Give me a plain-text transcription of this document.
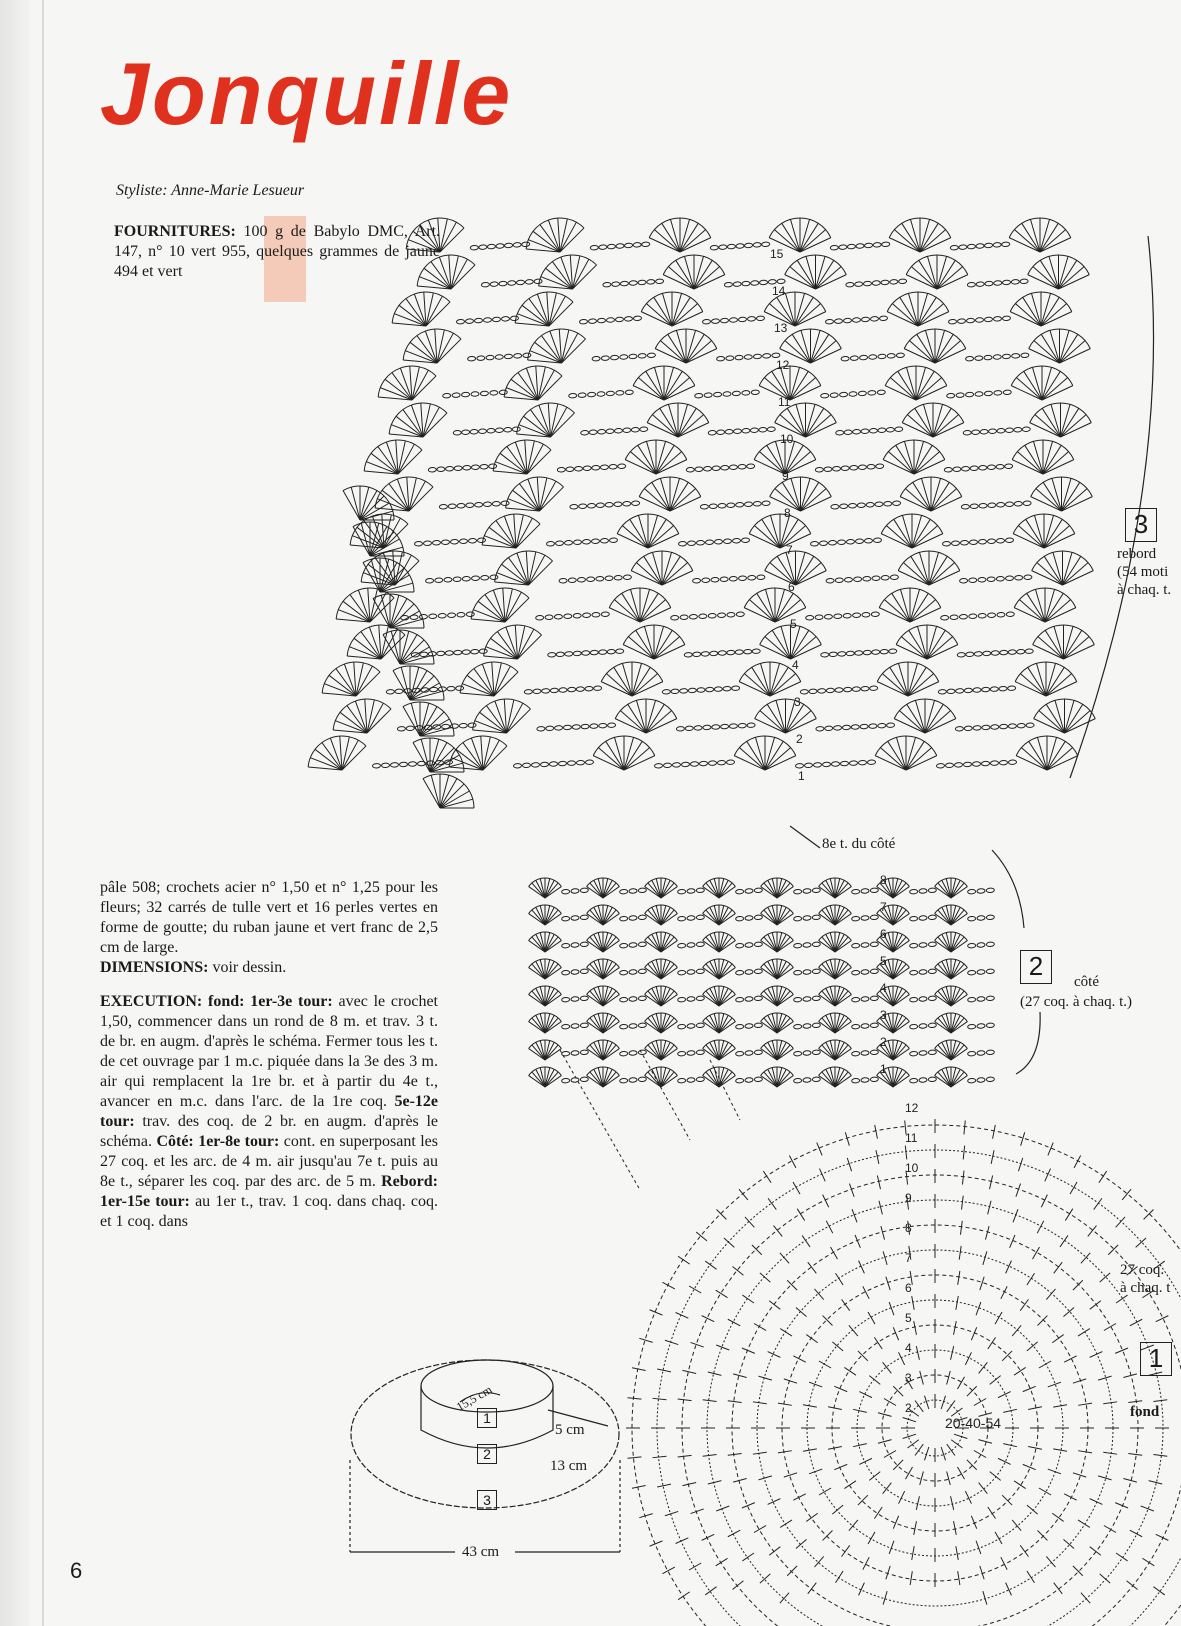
Jonquille
Styliste: Anne-Marie Lesueur
FOURNITURES: 100 g de Babylo DMC, Art. 147, n° 10 vert 955, quelques grammes de jaune 494 et vert

pâle 508; crochets acier n° 1,50 et n° 1,25 pour les fleurs; 32 carrés de tulle vert et 16 perles vertes en forme de goutte; du ruban jaune et vert franc de 2,5 cm de large.
DIMENSIONS: voir dessin.

EXECUTION: fond: 1er-3e tour: avec le crochet 1,50, commencer dans un rond de 8 m. et trav. 3 t. de br. en augm. d'après le schéma. Fermer tous les t. de cet ouvrage par 1 m.c. piquée dans la 3e des 3 m. air qui remplacent la 1re br. et à partir du 4e t., avancer en m.c. dans l'arc. de la 1re coq. 5e-12e tour: trav. des coq. de 2 br. en augm. d'après le schéma. Côté: 1er-8e tour: cont. en superposant les 27 coq. et les arc. de 4 m. air jusqu'au 7e t. puis au 8e t., séparer les coq. par des arc. de 5 m. Rebord: 1er-15e tour: au 1er t., trav. 1 coq. dans chaq. coq. et 1 coq. dans

15
14
13
12
11
10
9
8
7
6
5
4
3
2
1
8
7
6
5
4
3
2
1
12
11
10
9
8
7
6
5
4
3
2
20-40-54
3
rebord
(54 moti
à chaq. t.
2
côté
(27 coq. à chaq. t.)
8e t. du côté
27 coq.
à chaq. t
1
fond
15,5 cm
5 cm
13 cm
43 cm
1
2
3
6
